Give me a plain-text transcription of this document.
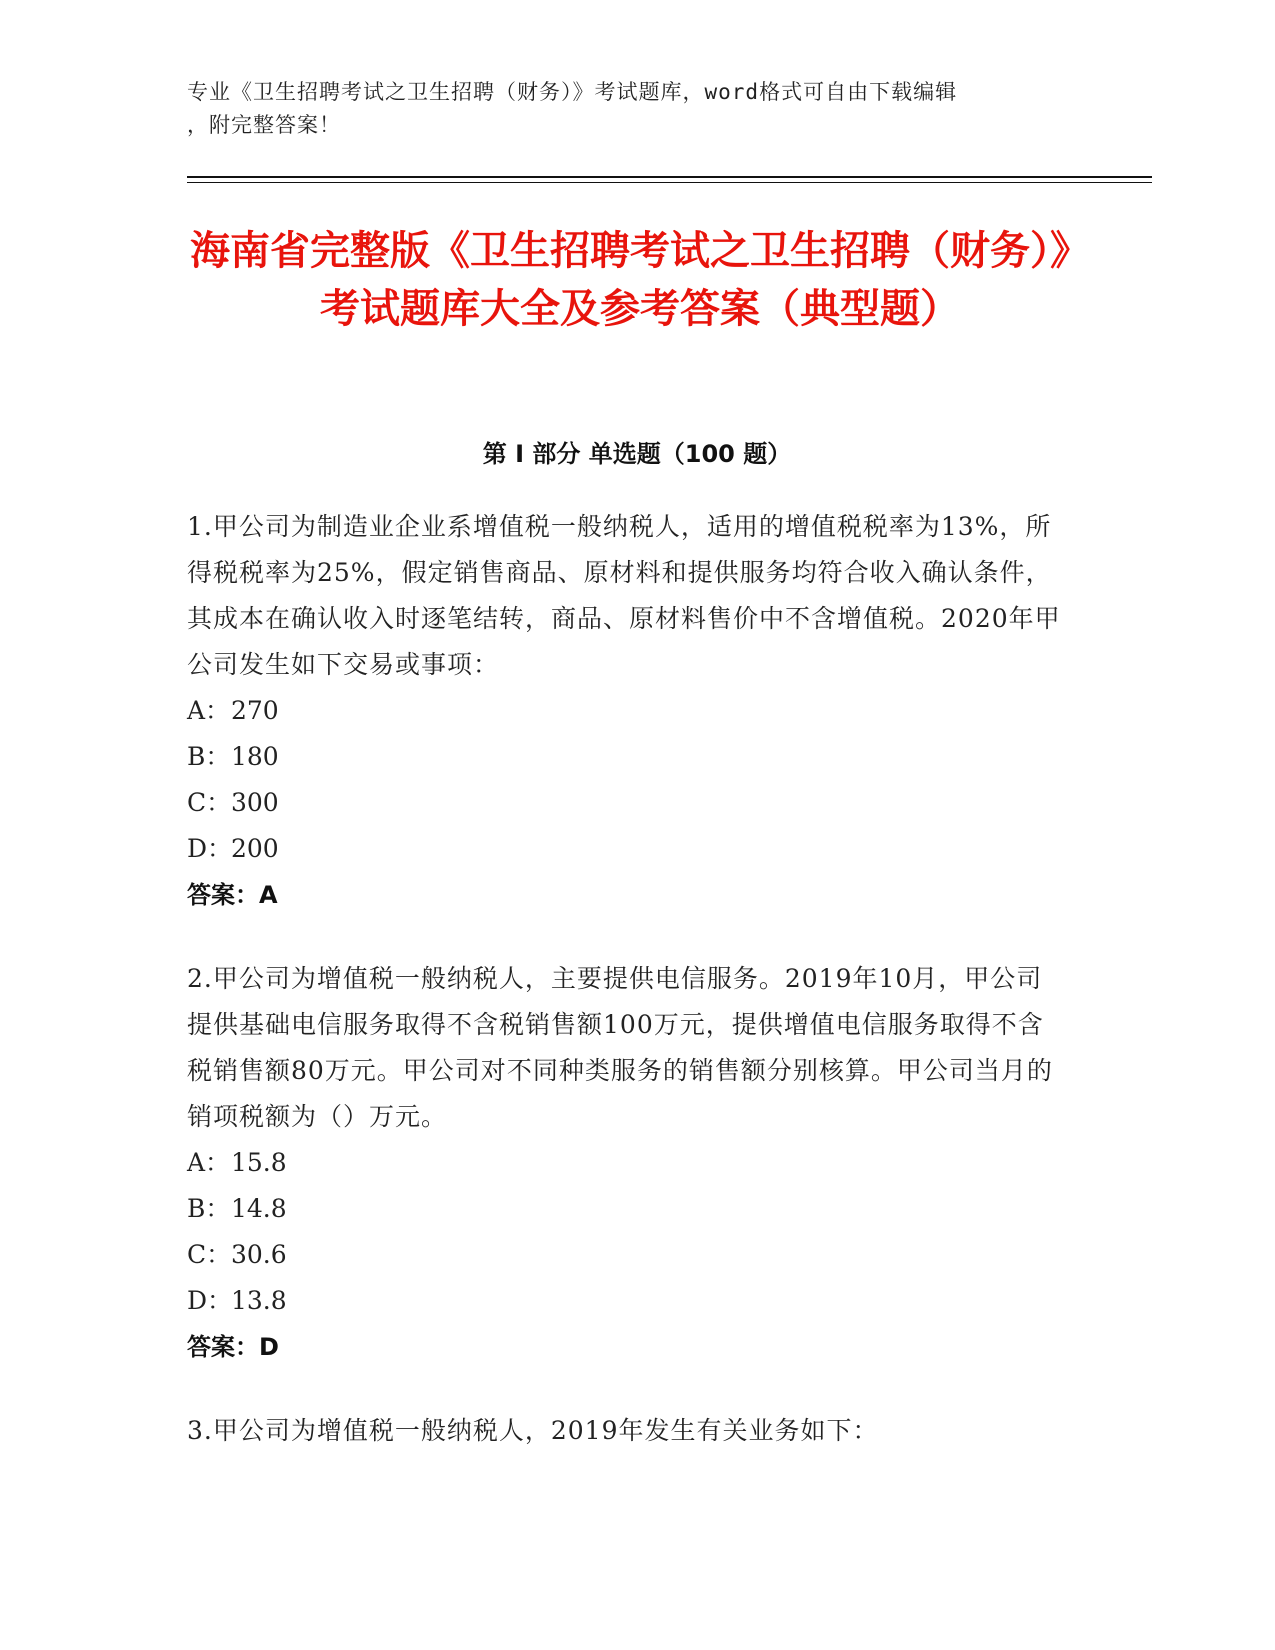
专业《卫生招聘考试之卫生招聘（财务）》考试题库，word格式可自由下载编辑
，附完整答案！
海南省完整版《卫生招聘考试之卫生招聘（财务）》考试题库大全及参考答案（典型题）
第 I 部分 单选题（100 题）

1.甲公司为制造业企业系增值税一般纳税人，适用的增值税税率为13%，所得税税率为25%，假定销售商品、原材料和提供服务均符合收入确认条件，其成本在确认收入时逐笔结转，商品、原材料售价中不含增值税。2020年甲公司发生如下交易或事项：

A： 270
B： 180
C： 300
D：
200

答案：A

2.甲公司为增值税一般纳税人，主要提供电信服务。2019年10月，甲公司提供基础电信服务取得不含税销售额100万元，提供增值电信服务取得不含税销售额80万元。甲公司对不同种类服务的销售额分别核算。甲公司当月的销项税额为（）万元。

A： 15.8
B： 14.8
C： 30.6
D：
13.8

答案：D

3.甲公司为增值税一般纳税人，2019年发生有关业务如下：
